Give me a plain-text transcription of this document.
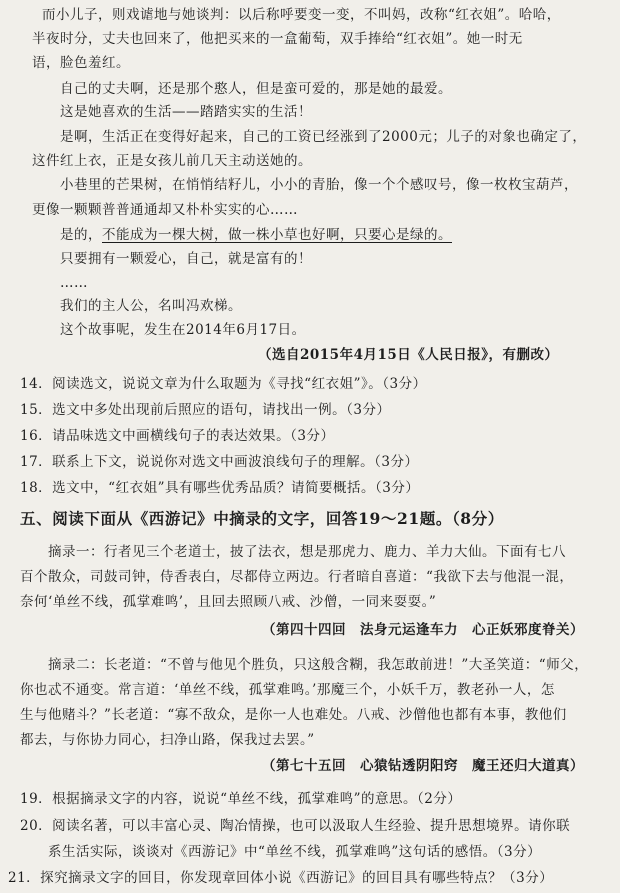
　而小儿子，则戏谑地与她谈判：以后称呼要变一变，不叫妈，改称“红衣姐”。哈哈，
半夜时分，丈夫也回来了，他把买来的一盒葡萄，双手捧给“红衣姐”。她一时无
语，脸色羞红。
　　自己的丈夫啊，还是那个憨人，但是蛮可爱的，那是她的最爱。
　　这是她喜欢的生活——踏踏实实的生活！
　　是啊，生活正在变得好起来，自己的工资已经涨到了2000元；儿子的对象也确定了，
这件红上衣，正是女孩儿前几天主动送她的。
　　小巷里的芒果树，在悄悄结籽儿，小小的青胎，像一个个感叹号，像一枚枚宝葫芦，
更像一颗颗普普通通却又朴朴实实的心……
　　是的，不能成为一棵大树，做一株小草也好啊，只要心是绿的。
　　只要拥有一颗爱心，自己，就是富有的！
　　……
　　我们的主人公，名叫冯欢梯。
　　这个故事呢，发生在2014年6月17日。
（选自2015年4月15日《人民日报》，有删改）
14．阅读选文，说说文章为什么取题为《寻找“红衣姐”》。（3分）
15．选文中多处出现前后照应的语句，请找出一例。（3分）
16．请品味选文中画横线句子的表达效果。（3分）
17．联系上下文，说说你对选文中画波浪线句子的理解。（3分）
18．选文中，“红衣姐”具有哪些优秀品质？请简要概括。（3分）
五、阅读下面从《西游记》中摘录的文字，回答19～21题。（8分）
　　摘录一：行者见三个老道士，披了法衣，想是那虎力、鹿力、羊力大仙。下面有七八
百个散众，司鼓司钟，侍香表白，尽都侍立两边。行者暗自喜道：“我欲下去与他混一混，
奈何‘单丝不线，孤掌难鸣’，且回去照顾八戒、沙僧，一同来耍耍。”
（第四十四回　法身元运逢车力　心正妖邪度脊关）
　　摘录二：长老道：“不曾与他见个胜负，只这般含糊，我怎敢前进！”大圣笑道：“师父，
你也忒不通变。常言道：‘单丝不线，孤掌难鸣。’那魔三个，小妖千万，教老孙一人，怎
生与他赌斗？”长老道：“寡不敌众，是你一人也难处。八戒、沙僧他也都有本事，教他们
都去，与你协力同心，扫净山路，保我过去罢。”
（第七十五回　心猿钻透阴阳窍　魔王还归大道真）
19．根据摘录文字的内容，说说“单丝不线，孤掌难鸣”的意思。（2分）
20．阅读名著，可以丰富心灵、陶冶情操，也可以汲取人生经验、提升思想境界。请你联
　　系生活实际，谈谈对《西游记》中“单丝不线，孤掌难鸣”这句话的感悟。（3分）
21．探究摘录文字的回目，你发现章回体小说《西游记》的回目具有哪些特点？（3分）
